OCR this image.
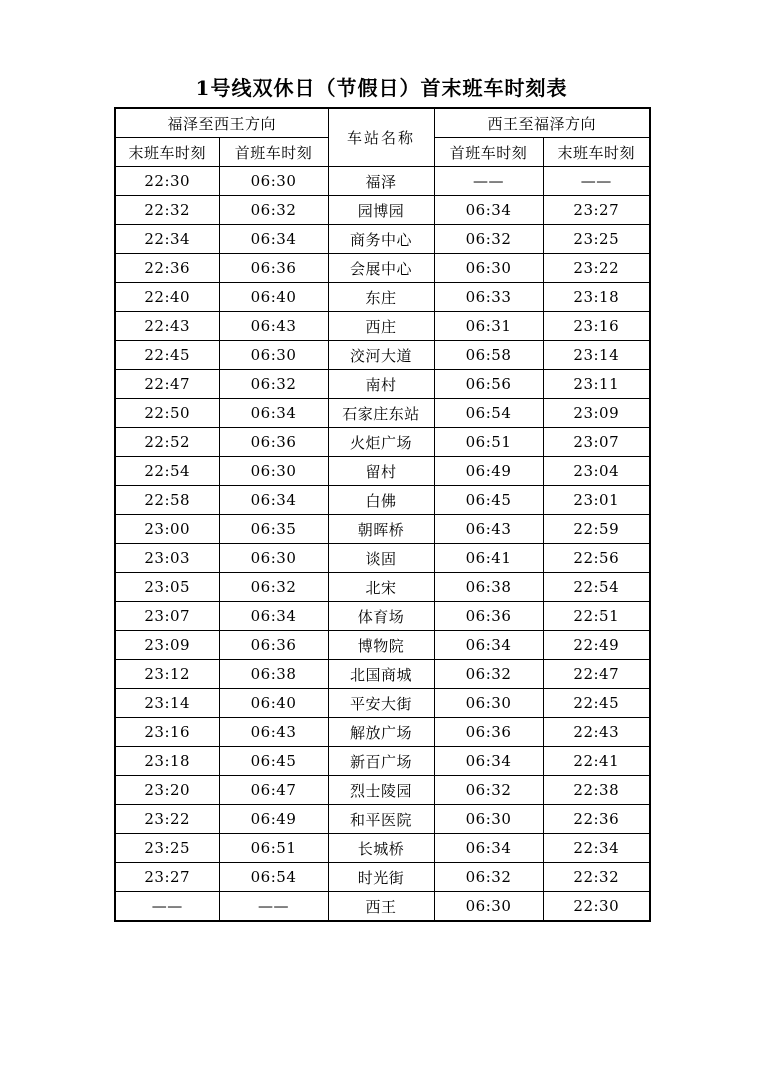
1号线双休日（节假日）首末班车时刻表
福泽至西王方向		车站名称	西王至福泽方向	
末班车时刻	首班车时刻		首班车时刻	末班车时刻
22:30	06:30	福泽	——	——
22:32	06:32	园博园	06:34	23:27
22:34	06:34	商务中心	06:32	23:25
22:36	06:36	会展中心	06:30	23:22
22:40	06:40	东庄	06:33	23:18
22:43	06:43	西庄	06:31	23:16
22:45	06:30	洨河大道	06:58	23:14
22:47	06:32	南村	06:56	23:11
22:50	06:34	石家庄东站	06:54	23:09
22:52	06:36	火炬广场	06:51	23:07
22:54	06:30	留村	06:49	23:04
22:58	06:34	白佛	06:45	23:01
23:00	06:35	朝晖桥	06:43	22:59
23:03	06:30	谈固	06:41	22:56
23:05	06:32	北宋	06:38	22:54
23:07	06:34	体育场	06:36	22:51
23:09	06:36	博物院	06:34	22:49
23:12	06:38	北国商城	06:32	22:47
23:14	06:40	平安大街	06:30	22:45
23:16	06:43	解放广场	06:36	22:43
23:18	06:45	新百广场	06:34	22:41
23:20	06:47	烈士陵园	06:32	22:38
23:22	06:49	和平医院	06:30	22:36
23:25	06:51	长城桥	06:34	22:34
23:27	06:54	时光街	06:32	22:32
——	——	西王	06:30	22:30
